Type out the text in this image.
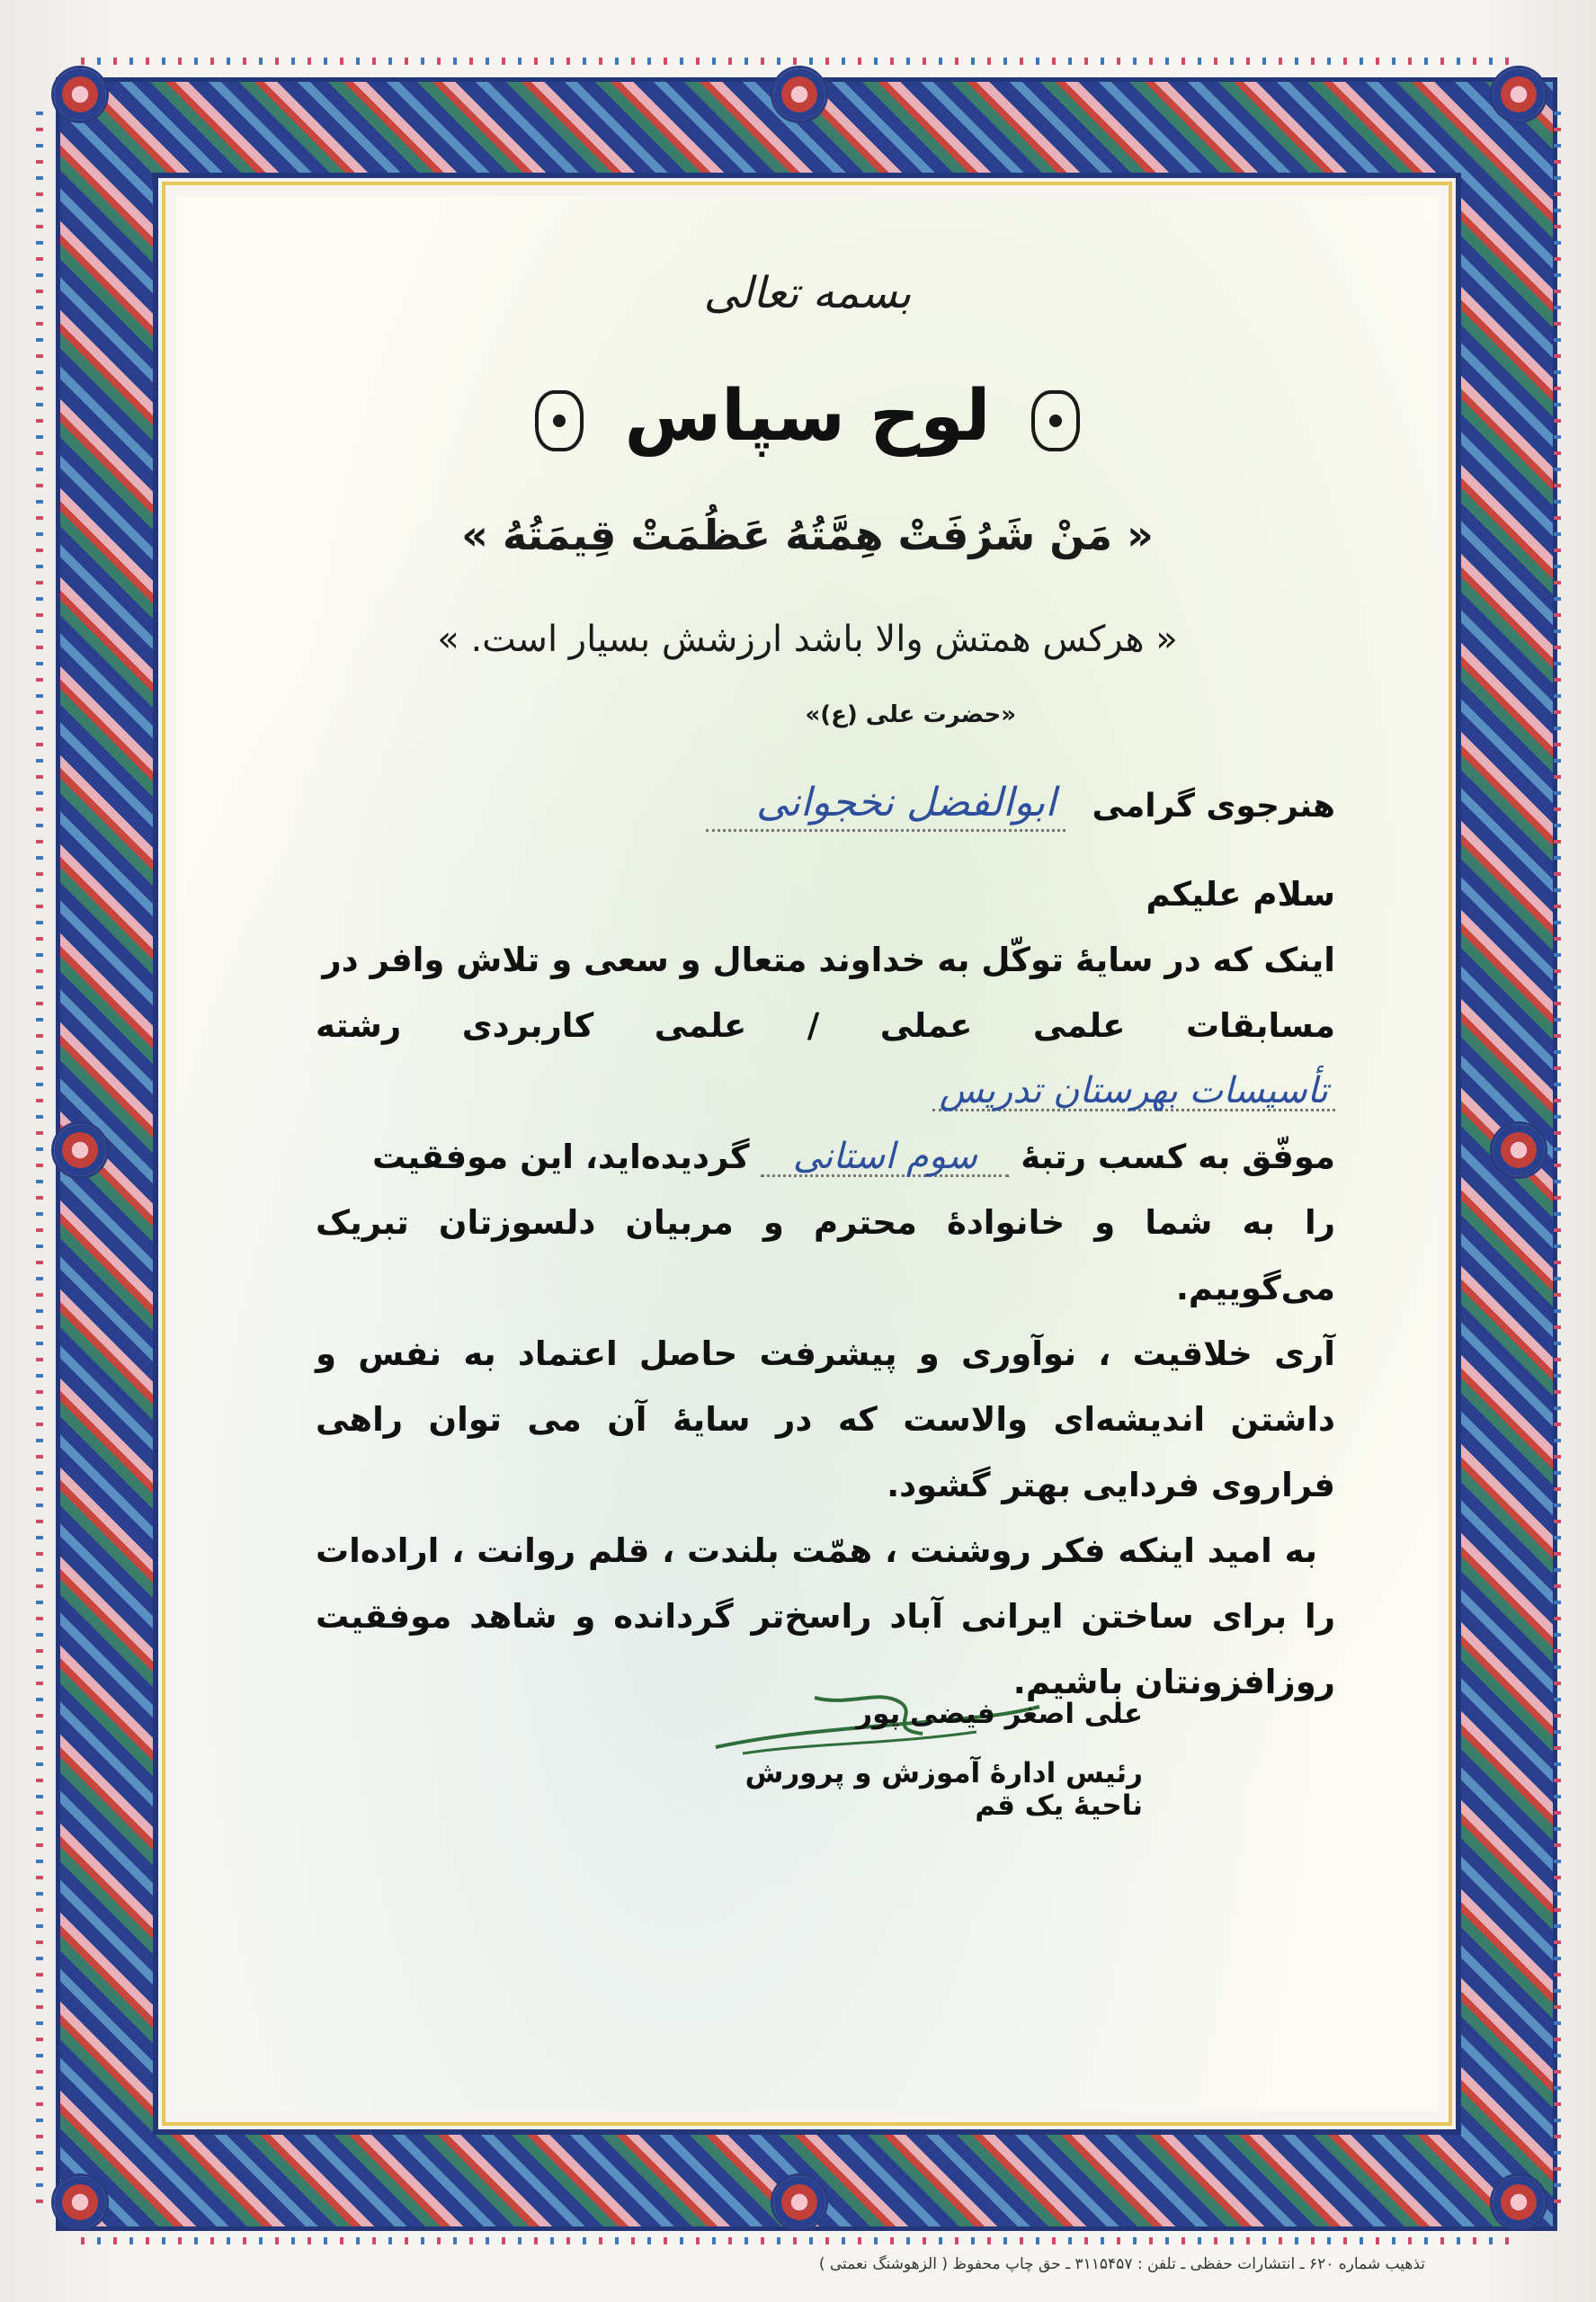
بسمه تعالی
لوح سپاس
« مَنْ شَرُفَتْ هِمَّتُهُ عَظُمَتْ قِيمَتُهُ »
« هرکس همتش والا باشد ارزشش بسیار است. »
«حضرت علی (ع)»
هنرجوی گرامی
ابوالفضل نخجوانی

سلام علیکم

اینک که در سایۀ توکّل به خداوند متعال و سعی و تلاش وافر در

مسابقات علمی عملی / علمی کاربردی رشته تأسیسات بهرستان تدریس

موفّق به کسب رتبۀ سوم استانی گردیده‌اید، این موفقیت

را به شما و خانوادۀ محترم و مربیان دلسوزتان تبریک می‌گوییم.

آری خلاقیت ، نوآوری و پیشرفت حاصل اعتماد به نفس و داشتن اندیشه‌ای والاست که در سایۀ آن می توان راهی فراروی فردایی بهتر گشود.

به امید اینکه فکر روشنت ، همّت بلندت ، قلم روانت ، اراده‌ات را برای ساختن ایرانی آباد راسخ‌تر گردانده و شاهد موفقیت روزافزونتان باشیم.

علی اصغر فیضی پور
رئیس ادارۀ آموزش و پرورش ناحیۀ یک قم
تذهیب شماره ۶۲۰ ـ انتشارات حفظی ـ تلفن : ۳۱۱۵۴۵۷ ـ حق چاپ محفوظ ( الزهوشنگ نعمتی )
